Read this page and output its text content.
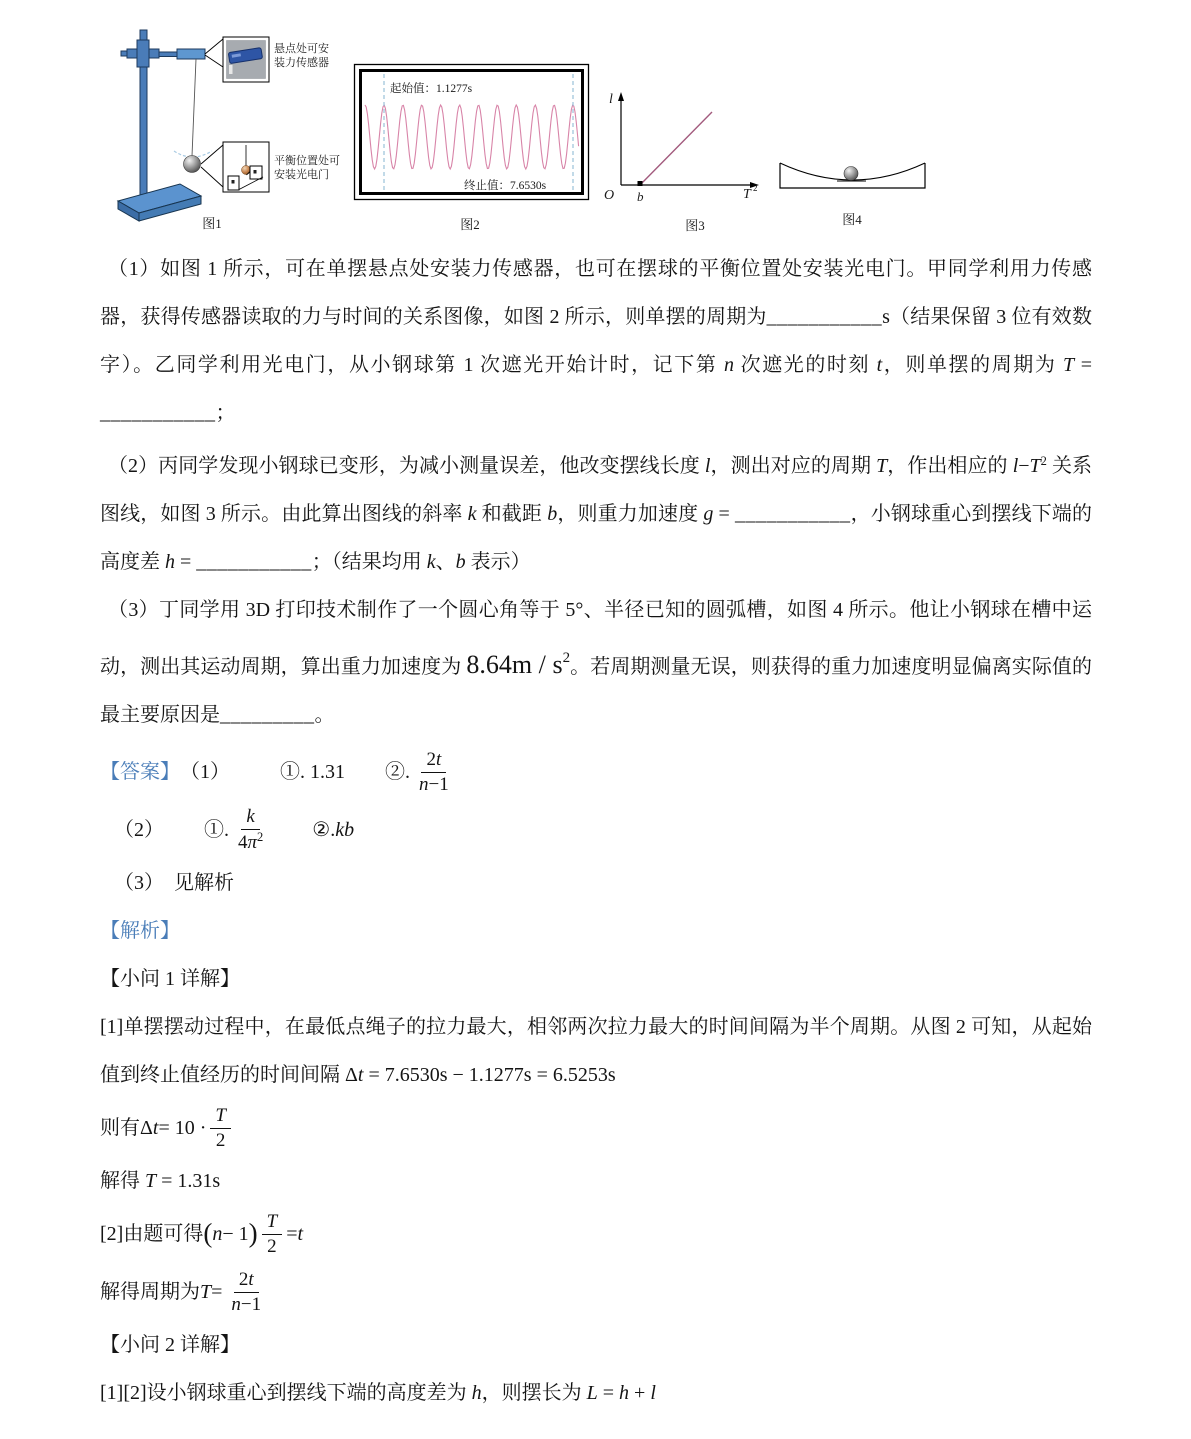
悬点处可安
装力传感器
平衡位置处可
安装光电门
图1
起始值：1.1277s
终止值：7.6530s
图2
l
O b	T 2
图3	图4
（1）如图 1 所示，可在单摆悬点处安装力传感器，也可在摆球的平衡位置处安装光电门。甲同学利用力传感器，获得传感器读取的力与时间的关系图像，如图 2 所示，则单摆的周期为___________s（结果保留 3 位有效数字）。乙同学利用光电门，从小钢球第 1 次遮光开始计时，记下第 n 次遮光的时刻 t，则单摆的周期为 T = ___________；
（2）丙同学发现小钢球已变形，为减小测量误差，他改变摆线长度 l，测出对应的周期 T，作出相应的 $l-T^2$ 关系图线，如图 3 所示。由此算出图线的斜率 k 和截距 b，则重力加速度 g = ___________，小钢球重心到摆线下端的高度差 h = ___________；（结果均用 k、b 表示）
（3）丁同学用 3D 打印技术制作了一个圆心角等于 5°、半径已知的圆弧槽，如图 4 所示。他让小钢球在槽中运动，测出其运动周期，算出重力加速度为 $8.64m / s^2$。若周期测量无误，则获得的重力加速度明显偏离实际值的最主要原因是_________。
【答案】 （1）   ①. 1.31  ②. $\frac{2t}{n-1}$
（2）  ①. $\frac{k}{4\pi^2}$   ②. kb
（3） 见解析
【解析】
【小问 1 详解】
[1]单摆摆动过程中，在最低点绳子的拉力最大，相邻两次拉力最大的时间间隔为半个周期。从图 2 可知，从起始值到终止值经历的时间间隔 Δt = 7.6530s − 1.1277s = 6.5253s
则有 Δ $t = 10 \cdot \frac{T}{2}$
解得 T = 1.31s
[2]由题可得 ( n − 1 ) $\frac{T}{2} = t$
解得周期为 $T = \frac{2t}{n-1}$
【小问 2 详解】
[1][2]设小钢球重心到摆线下端的高度差为 h，则摆长为 L = h + l
